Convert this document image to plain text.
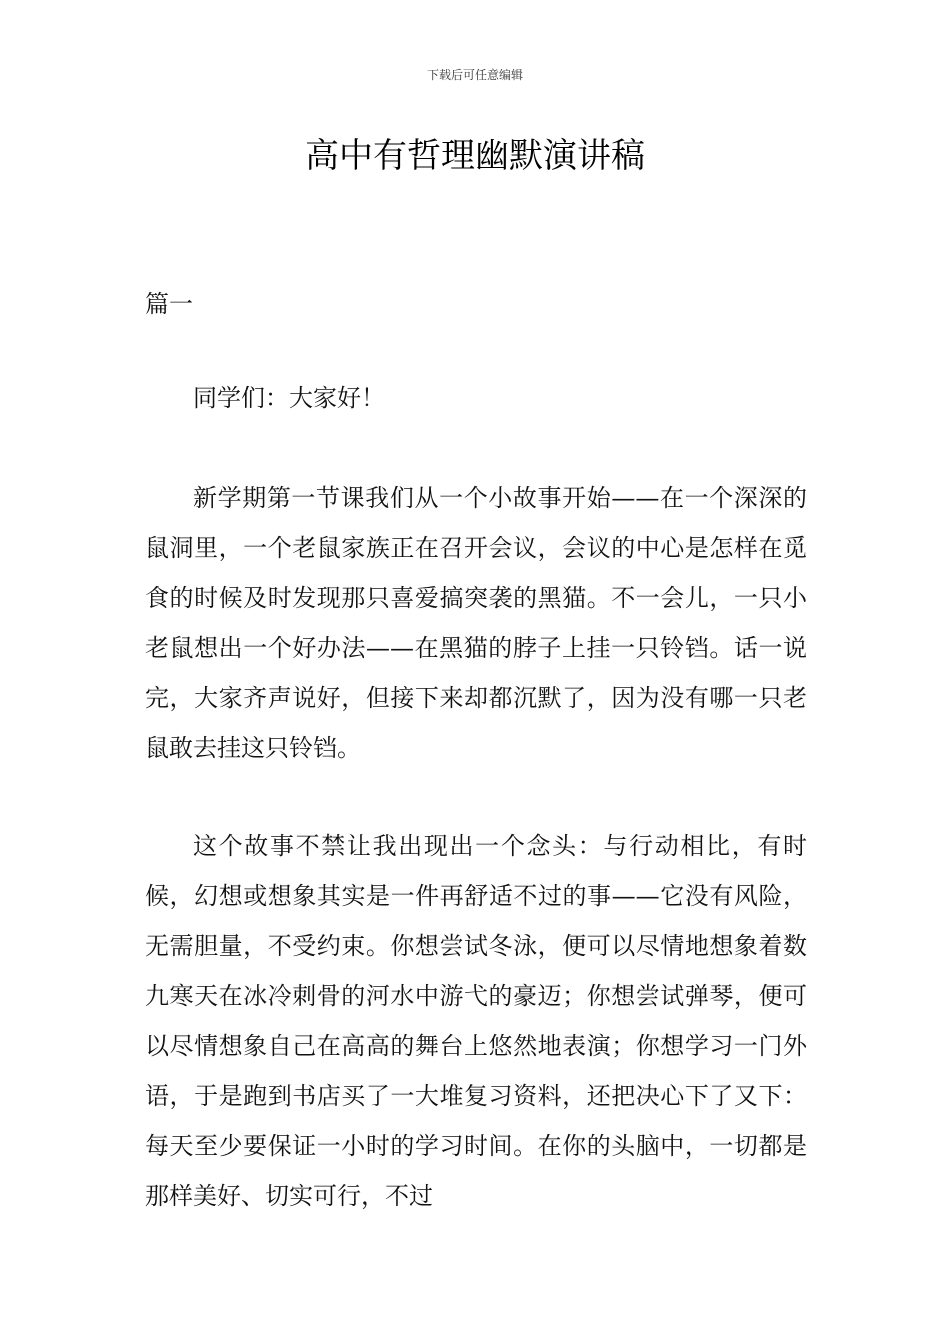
下载后可任意编辑
高中有哲理幽默演讲稿

篇一

同学们：大家好！

新学期第一节课我们从一个小故事开始——在一个深深的鼠洞里，一个老鼠家族正在召开会议，会议的中心是怎样在觅食的时候及时发现那只喜爱搞突袭的黑猫。不一会儿，一只小老鼠想出一个好办法——在黑猫的脖子上挂一只铃铛。话一说完，大家齐声说好，但接下来却都沉默了，因为没有哪一只老鼠敢去挂这只铃铛。

这个故事不禁让我出现出一个念头：与行动相比，有时候，幻想或想象其实是一件再舒适不过的事——它没有风险，无需胆量，不受约束。你想尝试冬泳，便可以尽情地想象着数九寒天在冰冷刺骨的河水中游弋的豪迈；你想尝试弹琴，便可以尽情想象自己在高高的舞台上悠然地表演；你想学习一门外语，于是跑到书店买了一大堆复习资料，还把决心下了又下：每天至少要保证一小时的学习时间。在你的头脑中，一切都是那样美好、切实可行，不过
